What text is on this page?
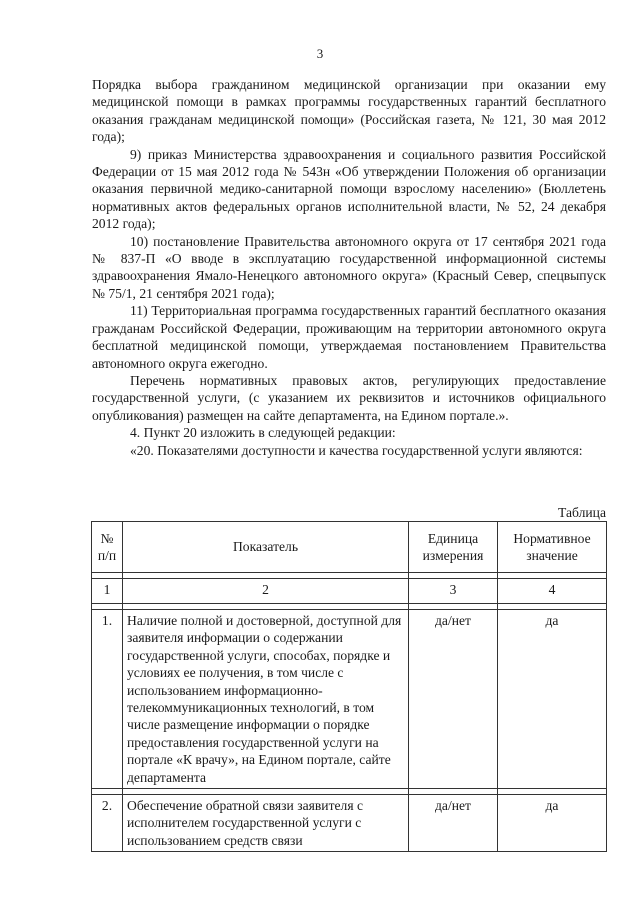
3

Порядка выбора гражданином медицинской организации при оказании ему медицинской помощи в рамках программы государственных гарантий бесплатного оказания гражданам медицинской помощи» (Российская газета, № 121, 30 мая 2012 года);

9) приказ Министерства здравоохранения и социального развития Российской Федерации от 15 мая 2012 года № 543н «Об утверждении Положения об организации оказания первичной медико-санитарной помощи взрослому населению» (Бюллетень нормативных актов федеральных органов исполнительной власти, № 52, 24 декабря 2012 года);

10) постановление Правительства автономного округа от 17 сентября 2021 года № 837-П «О вводе в эксплуатацию государственной информационной системы здравоохранения Ямало-Ненецкого автономного округа» (Красный Север, спецвыпуск № 75/1, 21 сентября 2021 года);

11) Территориальная программа государственных гарантий бесплатного оказания гражданам Российской Федерации, проживающим на территории автономного округа бесплатной медицинской помощи, утверждаемая постановлением Правительства автономного округа ежегодно.

Перечень нормативных правовых актов, регулирующих предоставление государственной услуги, (с указанием их реквизитов и источников официального опубликования) размещен на сайте департамента, на Едином портале.».

4. Пункт 20 изложить в следующей редакции:

«20. Показателями доступности и качества государственной услуги являются:

Таблица
№ п/п	Показатель	Единица измерения	Нормативное значение

1	2	3	4

1.	Наличие полной и достоверной, доступной для заявителя информации о содержании государственной услуги, способах, порядке и условиях ее получения, в том числе с использованием информационно-телекоммуникационных технологий, в том числе размещение информации о порядке предоставления государственной услуги на портале «К врачу», на Едином портале, сайте департамента	да/нет	да

2.	Обеспечение обратной связи заявителя с исполнителем государственной услуги с использованием средств связи	да/нет	да
